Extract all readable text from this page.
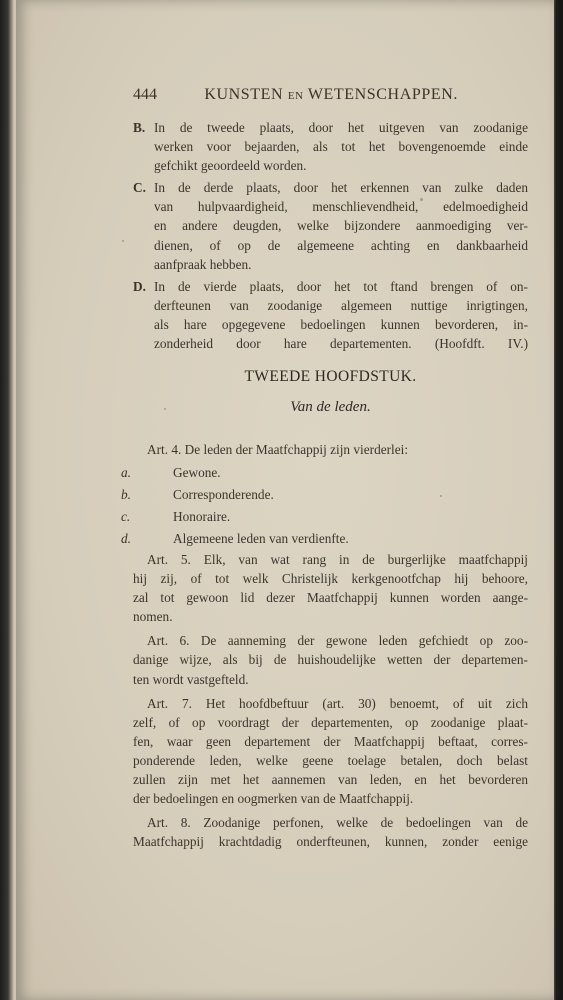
444	KUNSTEN EN WETENSCHAPPEN.
B. In de tweede plaats, door het uitgeven van zoodanige
werken voor bejaarden, als tot het bovengenoemde einde
gefchikt geoordeeld worden.
C. In de derde plaats, door het erkennen van zulke daden
van hulpvaardigheid, menschlievendheid, edelmoedigheid
en andere deugden, welke bijzondere aanmoediging ver-
dienen, of op de algemeene achting en dankbaarheid
aanfpraak hebben.
D. In de vierde plaats, door het tot ftand brengen of on-
derfteunen van zoodanige algemeen nuttige inrigtingen,
als hare opgegevene bedoelingen kunnen bevorderen, in-
zonderheid door hare departementen. (Hoofdft. IV.)
TWEEDE HOOFDSTUK.
Van de leden.
Art. 4. De leden der Maatfchappij zijn vierderlei:
a.	Gewone.
b.	Corresponderende.
c.	Honoraire.
d.	Algemeene leden van verdienfte.
Art. 5. Elk, van wat rang in de burgerlijke maatfchappij
hij zij, of tot welk Christelijk kerkgenootfchap hij behoore,
zal tot gewoon lid dezer Maatfchappij kunnen worden aange-
nomen.
Art. 6. De aanneming der gewone leden gefchiedt op zoo-
danige wijze, als bij de huishoudelijke wetten der departemen-
ten wordt vastgefteld.
Art. 7. Het hoofdbeftuur (art. 30) benoemt, of uit zich
zelf, of op voordragt der departementen, op zoodanige plaat-
fen, waar geen departement der Maatfchappij beftaat, corres-
ponderende leden, welke geene toelage betalen, doch belast
zullen zijn met het aannemen van leden, en het bevorderen
der bedoelingen en oogmerken van de Maatfchappij.
Art. 8. Zoodanige perfonen, welke de bedoelingen van de
Maatfchappij krachtdadig onderfteunen, kunnen, zonder eenige
